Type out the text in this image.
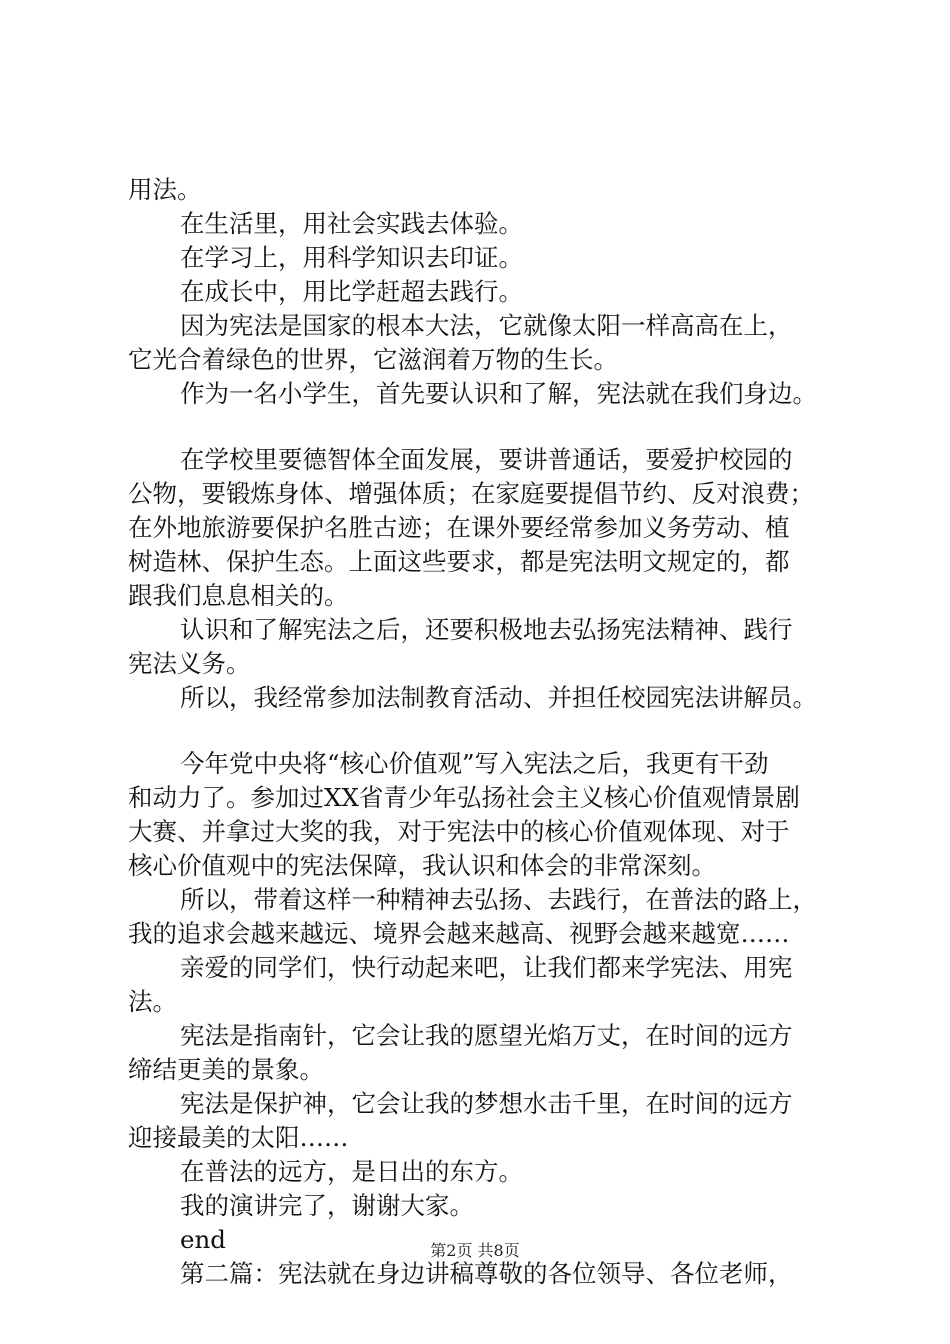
用法。
在生活里，用社会实践去体验。
在学习上，用科学知识去印证。
在成长中，用比学赶超去践行。
因为宪法是国家的根本大法，它就像太阳一样高高在上，
它光合着绿色的世界，它滋润着万物的生长。
作为一名小学生，首先要认识和了解，宪法就在我们身边。
在学校里要德智体全面发展，要讲普通话，要爱护校园的
公物，要锻炼身体、增强体质；在家庭要提倡节约、反对浪费；
在外地旅游要保护名胜古迹；在课外要经常参加义务劳动、植
树造林、保护生态。上面这些要求，都是宪法明文规定的，都
跟我们息息相关的。
认识和了解宪法之后，还要积极地去弘扬宪法精神、践行
宪法义务。
所以，我经常参加法制教育活动、并担任校园宪法讲解员。
今年党中央将“核心价值观”写入宪法之后，我更有干劲
和动力了。参加过XX省青少年弘扬社会主义核心价值观情景剧
大赛、并拿过大奖的我，对于宪法中的核心价值观体现、对于
核心价值观中的宪法保障，我认识和体会的非常深刻。
所以，带着这样一种精神去弘扬、去践行，在普法的路上，
我的追求会越来越远、境界会越来越高、视野会越来越宽……
亲爱的同学们，快行动起来吧，让我们都来学宪法、用宪
法。
宪法是指南针，它会让我的愿望光焰万丈，在时间的远方
缔结更美的景象。
宪法是保护神，它会让我的梦想水击千里，在时间的远方
迎接最美的太阳……
在普法的远方，是日出的东方。
我的演讲完了，谢谢大家。
end
第二篇：宪法就在身边讲稿尊敬的各位领导、各位老师，
第2页 共8页
